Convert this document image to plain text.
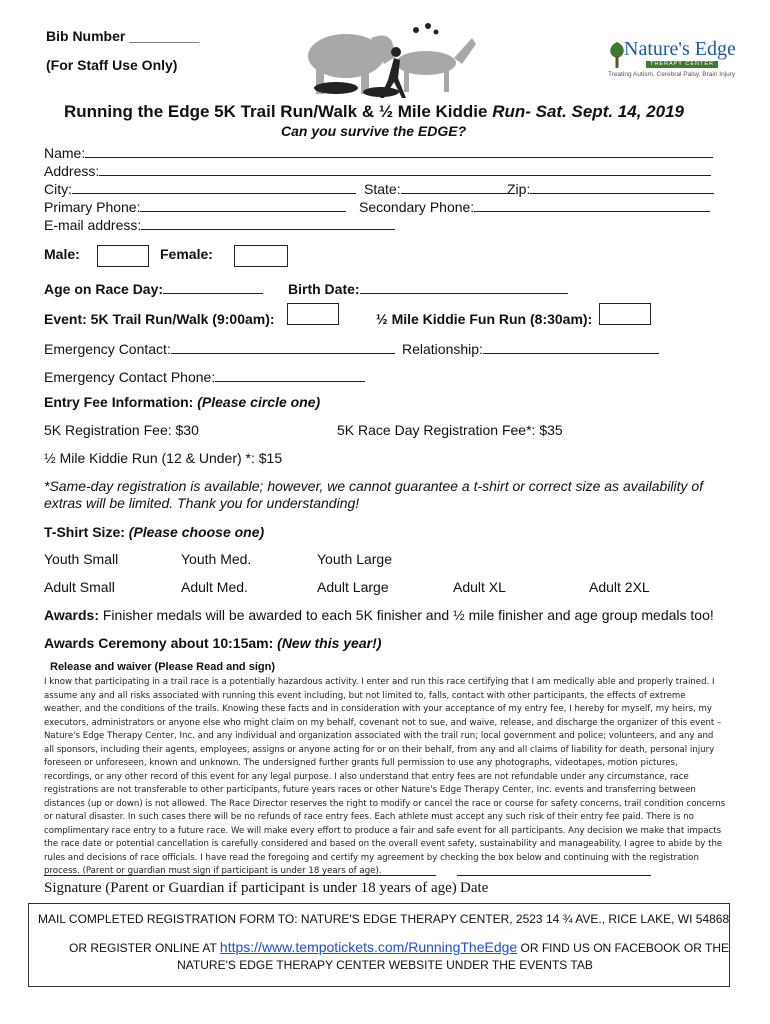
Bib Number _________
(For Staff Use Only)
Nature's Edge
THERAPY CENTER
Treating Autism, Cerebral Palsy, Brain Injury
Running the Edge 5K Trail Run/Walk & ½ Mile Kiddie Run- Sat. Sept. 14, 2019
Can you survive the EDGE?
Name:
Address:
City:	State:	Zip:
Primary Phone:	Secondary Phone:
E-mail address:
Male:	Female:
Age on Race Day:	Birth Date:
Event: 5K Trail Run/Walk (9:00am):	½ Mile Kiddie Fun Run (8:30am):
Emergency Contact:	Relationship:
Emergency Contact Phone:
Entry Fee Information: (Please circle one)
5K Registration Fee: $30	5K Race Day Registration Fee*: $35
½ Mile Kiddie Run (12 & Under) *: $15
*Same-day registration is available; however, we cannot guarantee a t-shirt or correct size as availability of
extras will be limited. Thank you for understanding!
T-Shirt Size: (Please choose one)
Youth Small	Youth Med.	Youth Large
Adult Small	Adult Med.	Adult Large	Adult XL	Adult 2XL
Awards: Finisher medals will be awarded to each 5K finisher and ½ mile finisher and age group medals too!
Awards Ceremony about 10:15am: (New this year!)
Release and waiver (Please Read and sign)
I know that participating in a trail race is a potentially hazardous activity. I enter and run this race certifying that I am medically able and properly trained. I assume any and all risks associated with running this event including, but not limited to, falls, contact with other participants, the effects of extreme weather, and the conditions of the trails. Knowing these facts and in consideration with your acceptance of my entry fee, I hereby for myself, my heirs, my executors, administrators or anyone else who might claim on my behalf, covenant not to sue, and waive, release, and discharge the organizer of this event – Nature's Edge Therapy Center, Inc. and any individual and organization associated with the trail run; local government and police; volunteers, and any and all sponsors, including their agents, employees, assigns or anyone acting for or on their behalf, from any and all claims of liability for death, personal injury foreseen or unforeseen, known and unknown. The undersigned further grants full permission to use any photographs, videotapes, motion pictures, recordings, or any other record of this event for any legal purpose. I also understand that entry fees are not refundable under any circumstance, race registrations are not transferable to other participants, future years races or other Nature's Edge Therapy Center, Inc. events and transferring between distances (up or down) is not allowed. The Race Director reserves the right to modify or cancel the race or course for safety concerns, trail condition concerns or natural disaster. In such cases there will be no refunds of race entry fees. Each athlete must accept any such risk of their entry fee paid. There is no complimentary race entry to a future race. We will make every effort to produce a fair and safe event for all participants. Any decision we make that impacts the race date or potential cancellation is carefully considered and based on the overall event safety, sustainability and manageability. I agree to abide by the rules and decisions of race officials. I have read the foregoing and certify my agreement by checking the box below and continuing with the registration process. (Parent or guardian must sign if participant is under 18 years of age).
Signature (Parent or Guardian if participant is under 18 years of age) Date
MAIL COMPLETED REGISTRATION FORM TO: NATURE'S EDGE THERAPY CENTER, 2523 14 ¾ AVE., RICE LAKE, WI 54868
OR REGISTER ONLINE AT https://www.tempotickets.com/RunningTheEdge OR FIND US ON FACEBOOK OR THE
NATURE'S EDGE THERAPY CENTER WEBSITE UNDER THE EVENTS TAB
